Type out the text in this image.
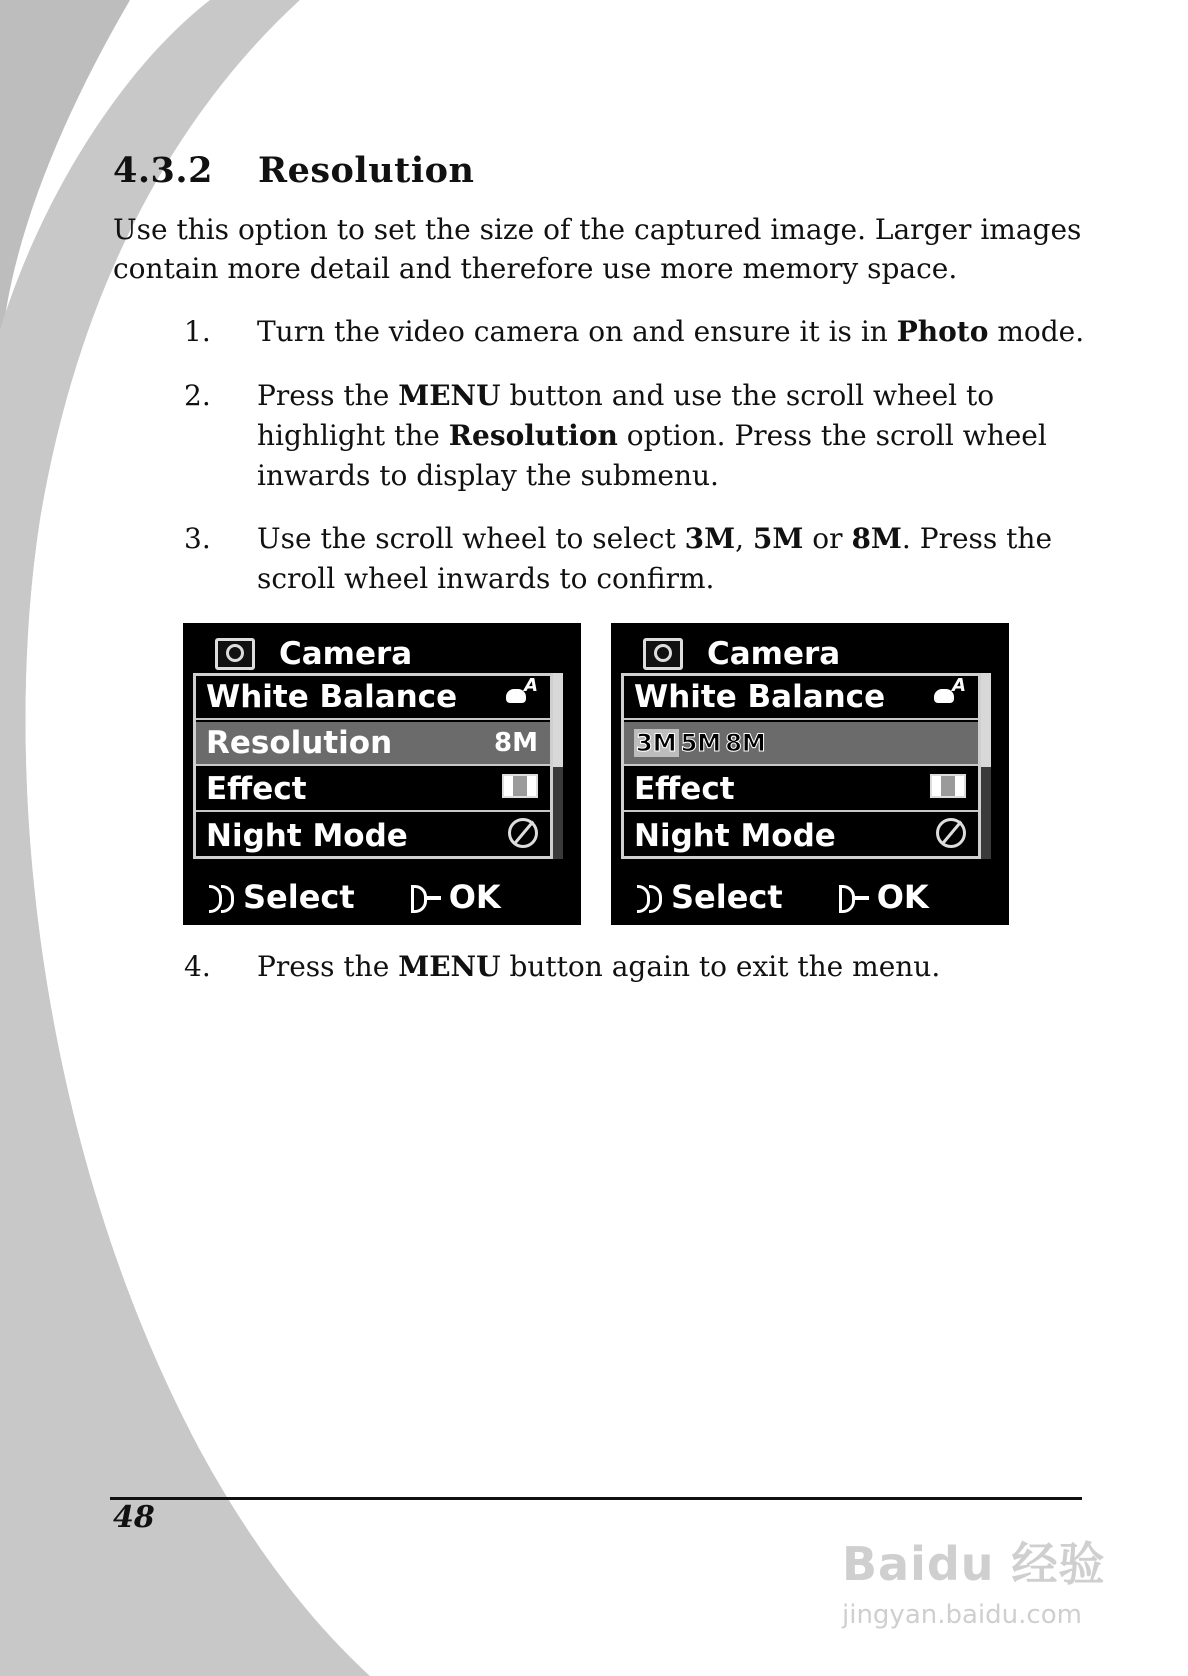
4.3.2 Resolution
Use this option to set the size of the captured image. Larger images contain more detail and therefore use more memory space.
1. Turn the video camera on and ensure it is in Photo mode.
2. Press the MENU button and use the scroll wheel to highlight the Resolution option. Press the scroll wheel inwards to display the submenu.
3. Use the scroll wheel to select 3M, 5M or 8M. Press the scroll wheel inwards to confirm.
Camera
White Balance
A
Resolution	8M
Effect
Night Mode
Select	OK
Camera
White Balance
A
3M 5M 8M
Effect
Night Mode
Select	OK
4. Press the MENU button again to exit the menu.
48
Baidu 经验
jingyan.baidu.com
